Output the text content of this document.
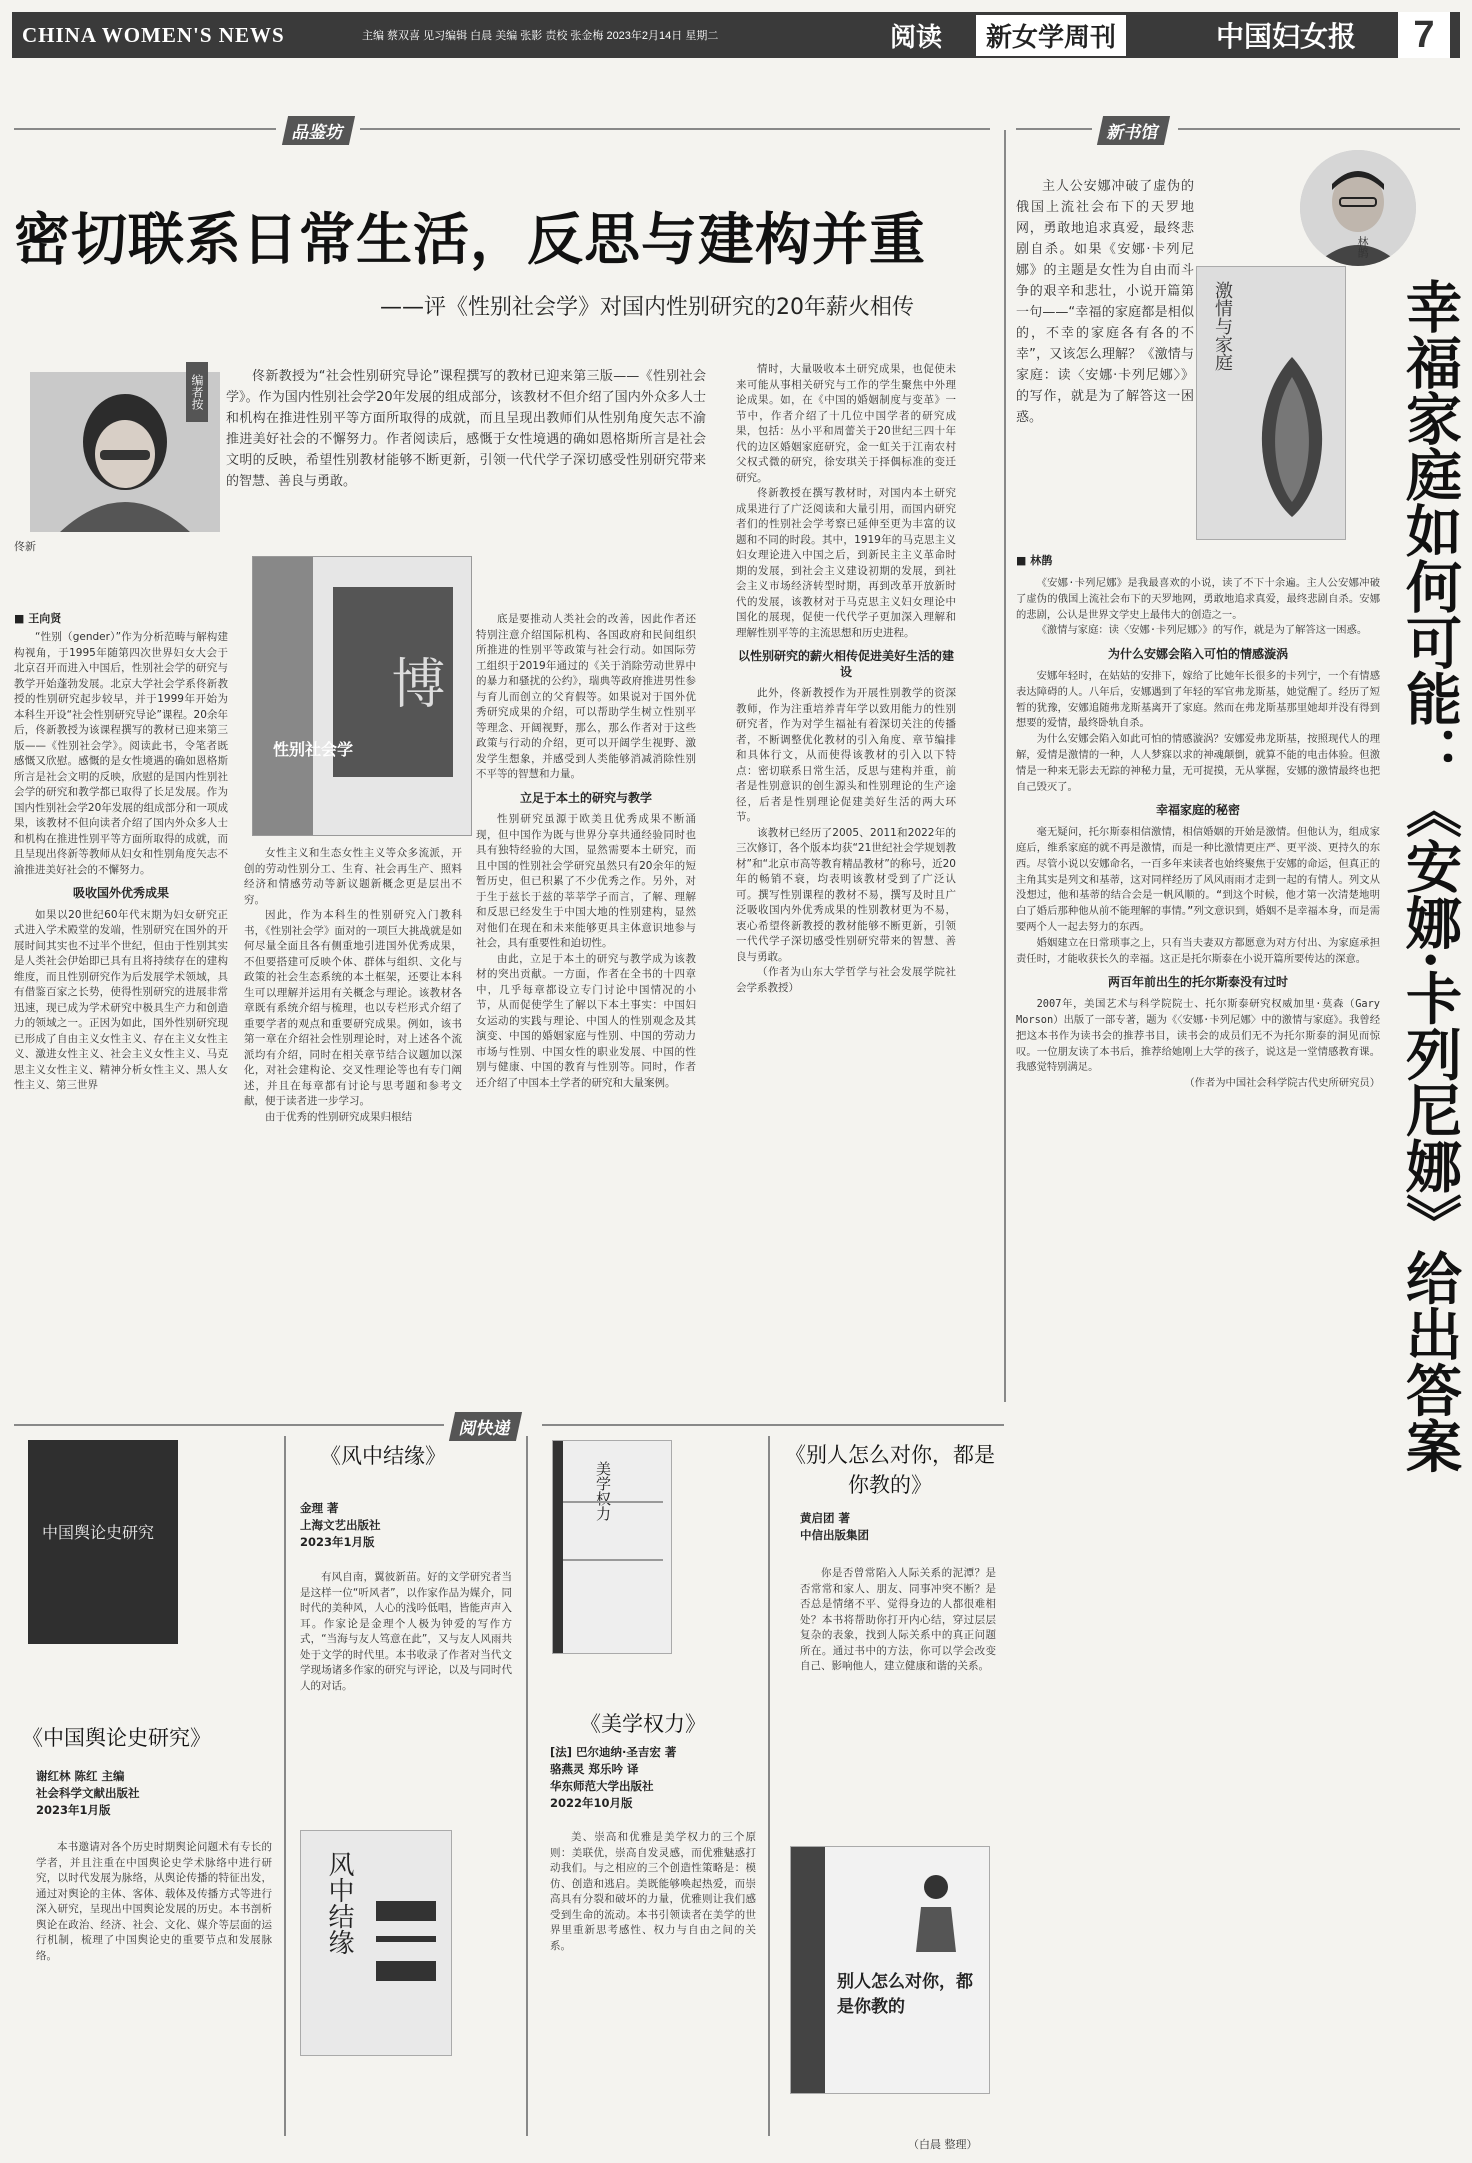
CHINA WOMEN'S NEWS	主编 蔡双喜 见习编辑 白晨 美编 张影 责校 张金梅 2023年2月14日 星期二	阅读	新女学周刊	中国妇女报	7
品鉴坊	新书馆
密切联系日常生活，反思与建构并重
——评《性别社会学》对国内性别研究的20年薪火相传
佟新
编者按	佟新教授为“社会性别研究导论”课程撰写的教材已迎来第三版——《性别社会学》。作为国内性别社会学20年发展的组成部分，该教材不但介绍了国内外众多人士和机构在推进性别平等方面所取得的成就，而且呈现出教师们从性别角度矢志不渝推进美好社会的不懈努力。作者阅读后，感慨于女性境遇的确如恩格斯所言是社会文明的反映，希望性别教材能够不断更新，引领一代代学子深切感受性别研究带来的智慧、善良与勇敢。
博
性别社会学
■ 王向贤

“性别（gender）”作为分析范畴与解构建构视角，于1995年随第四次世界妇女大会于北京召开而进入中国后，性别社会学的研究与教学开始蓬勃发展。北京大学社会学系佟新教授的性别研究起步较早，并于1999年开始为本科生开设“社会性别研究导论”课程。20余年后，佟新教授为该课程撰写的教材已迎来第三版——《性别社会学》。阅读此书，令笔者既感慨又欣慰。感慨的是女性境遇的确如恩格斯所言是社会文明的反映，欣慰的是国内性别社会学的研究和教学都已取得了长足发展。作为国内性别社会学20年发展的组成部分和一项成果，该教材不但向读者介绍了国内外众多人士和机构在推进性别平等方面所取得的成就，而且呈现出佟新等教师从妇女和性别角度矢志不渝推进美好社会的不懈努力。

吸收国外优秀成果

如果以20世纪60年代末期为妇女研究正式进入学术殿堂的发端，性别研究在国外的开展时间其实也不过半个世纪，但由于性别其实是人类社会伊始即已具有且将持续存在的建构维度，而且性别研究作为后发展学术领域，具有借鉴百家之长势，使得性别研究的进展非常迅速，现已成为学术研究中极具生产力和创造力的领域之一。正因为如此，国外性别研究现已形成了自由主义女性主义、存在主义女性主义、激进女性主义、社会主义女性主义、马克思主义女性主义、精神分析女性主义、黑人女性主义、第三世界

女性主义和生态女性主义等众多流派，开创的劳动性别分工、生育、社会再生产、照料经济和情感劳动等新议题新概念更是层出不穷。

因此，作为本科生的性别研究入门教科书，《性别社会学》面对的一项巨大挑战就是如何尽量全面且各有侧重地引进国外优秀成果，不但要搭建可反映个体、群体与组织、文化与政策的社会生态系统的本土框架，还要让本科生可以理解并运用有关概念与理论。该教材各章既有系统介绍与梳理，也以专栏形式介绍了重要学者的观点和重要研究成果。例如，该书第一章在介绍社会性别理论时，对上述各个流派均有介绍，同时在相关章节结合议题加以深化，对社会建构论、交叉性理论等也有专门阐述，并且在每章都有讨论与思考题和参考文献，便于读者进一步学习。

由于优秀的性别研究成果归根结

底是要推动人类社会的改善，因此作者还特别注意介绍国际机构、各国政府和民间组织所推进的性别平等政策与社会行动。如国际劳工组织于2019年通过的《关于消除劳动世界中的暴力和骚扰的公约》，瑞典等政府推进男性参与育儿而创立的父育假等。如果说对于国外优秀研究成果的介绍，可以帮助学生树立性别平等理念、开阔视野，那么，那么作者对于这些政策与行动的介绍，更可以开阔学生视野、激发学生想象，并感受到人类能够消减消除性别不平等的智慧和力量。

立足于本土的研究与教学

性别研究虽源于欧美且优秀成果不断涌现，但中国作为既与世界分享共通经验同时也具有独特经验的大国，显然需要本土研究，而且中国的性别社会学研究虽然只有20余年的短暂历史，但已积累了不少优秀之作。另外，对于生于兹长于兹的莘莘学子而言，了解、理解和反思已经发生于中国大地的性别建构，显然对他们在现在和未来能够更具主体意识地参与社会，具有重要性和迫切性。

由此，立足于本土的研究与教学成为该教材的突出贡献。一方面，作者在全书的十四章中，几乎每章都设立专门讨论中国情况的小节，从而促使学生了解以下本土事实：中国妇女运动的实践与理论、中国人的性别观念及其演变、中国的婚姻家庭与性别、中国的劳动力市场与性别、中国女性的职业发展、中国的性别与健康、中国的教育与性别等。同时，作者还介绍了中国本土学者的研究和大量案例。

情时，大量吸收本土研究成果，也促使未来可能从事相关研究与工作的学生聚焦中外理论成果。如，在《中国的婚姻制度与变革》一节中，作者介绍了十几位中国学者的研究成果，包括：丛小平和周蕾关于20世纪三四十年代的边区婚姻家庭研究，金一虹关于江南农村父权式微的研究，徐安琪关于择偶标准的变迁研究。

佟新教授在撰写教材时，对国内本土研究成果进行了广泛阅读和大量引用，而国内研究者们的性别社会学考察已延伸至更为丰富的议题和不同的时段。其中，1919年的马克思主义妇女理论进入中国之后，到新民主主义革命时期的发展，到社会主义建设初期的发展，到社会主义市场经济转型时期，再到改革开放新时代的发展，该教材对于马克思主义妇女理论中国化的展现，促使一代代学子更加深入理解和理解性别平等的主流思想和历史进程。

以性别研究的薪火相传促进美好生活的建设

此外，佟新教授作为开展性别教学的资深教师，作为注重培养青年学以致用能力的性别研究者，作为对学生福祉有着深切关注的传播者，不断调整优化教材的引入角度、章节编排和具体行文，从而使得该教材的引入以下特点：密切联系日常生活，反思与建构并重，前者是性别意识的创生源头和性别理论的生产途径，后者是性别理论促建美好生活的两大环节。

该教材已经历了2005、2011和2022年的三次修订，各个版本均获“21世纪社会学规划教材”和“北京市高等教育精品教材”的称号，近20年的畅销不衰，均表明该教材受到了广泛认可。撰写性别课程的教材不易，撰写及时且广泛吸收国内外优秀成果的性别教材更为不易，衷心希望佟新教授的教材能够不断更新，引领一代代学子深切感受性别研究带来的智慧、善良与勇敢。

（作者为山东大学哲学与社会发展学院社会学系教授）

主人公安娜冲破了虚伪的俄国上流社会布下的天罗地网，勇敢地追求真爱，最终悲剧自杀。如果《安娜·卡列尼娜》的主题是女性为自由而斗争的艰辛和悲壮，小说开篇第一句——“幸福的家庭都是相似的，不幸的家庭各有各的不幸”，又该怎么理解？《激情与家庭：读〈安娜·卡列尼娜〉》的写作，就是为了解答这一困惑。

激情与家庭
林鹊
幸福家庭如何可能：《安娜·卡列尼娜》给出答案
■ 林鹊

《安娜·卡列尼娜》是我最喜欢的小说，读了不下十余遍。主人公安娜冲破了虚伪的俄国上流社会布下的天罗地网，勇敢地追求真爱，最终悲剧自杀。安娜的悲剧，公认是世界文学史上最伟大的创造之一。

《激情与家庭：读〈安娜·卡列尼娜〉》的写作，就是为了解答这一困惑。

为什么安娜会陷入可怕的情感漩涡

安娜年轻时，在姑姑的安排下，嫁给了比她年长很多的卡列宁，一个有情感表达障碍的人。八年后，安娜遇到了年轻的军官弗龙斯基，她觉醒了。经历了短暂的犹豫，安娜追随弗龙斯基离开了家庭。然而在弗龙斯基那里她却并没有得到想要的爱情，最终卧轨自杀。

为什么安娜会陷入如此可怕的情感漩涡？安娜爱弗龙斯基，按照现代人的理解，爱情是激情的一种，人人梦寐以求的神魂颠倒，就算不能的电击体验。但激情是一种来无影去无踪的神秘力量，无可捉摸，无从掌握，安娜的激情最终也把自己毁灭了。

幸福家庭的秘密

毫无疑问，托尔斯泰相信激情，相信婚姻的开始是激情。但他认为，组成家庭后，维系家庭的就不再是激情，而是一种比激情更庄严、更平淡、更持久的东西。尽管小说以安娜命名，一百多年来读者也始终聚焦于安娜的命运，但真正的主角其实是列文和基蒂，这对同样经历了风风雨雨才走到一起的有情人。列文从没想过，他和基蒂的结合会是一帆风顺的。“到这个时候，他才第一次清楚地明白了婚后那种他从前不能理解的事情。”列文意识到，婚姻不是幸福本身，而是需要两个人一起去努力的东西。

婚姻建立在日常琐事之上，只有当夫妻双方都愿意为对方付出、为家庭承担责任时，才能收获长久的幸福。这正是托尔斯泰在小说开篇所要传达的深意。

两百年前出生的托尔斯泰没有过时

2007年，美国艺术与科学院院士、托尔斯泰研究权威加里·莫森（Gary Morson）出版了一部专著，题为《〈安娜·卡列尼娜〉中的激情与家庭》。我曾经把这本书作为读书会的推荐书目，读书会的成员们无不为托尔斯泰的洞见而惊叹。一位朋友读了本书后，推荐给她刚上大学的孩子，说这是一堂情感教育课。我感觉特别满足。

（作者为中国社会科学院古代史所研究员）

阅快递
中国舆论史研究
《中国舆论史研究》
谢红林 陈红 主编
社会科学文献出版社
2023年1月版
本书邀请对各个历史时期舆论问题术有专长的学者，并且注重在中国舆论史学术脉络中进行研究，以时代发展为脉络，从舆论传播的特征出发，通过对舆论的主体、客体、载体及传播方式等进行深入研究，呈现出中国舆论发展的历史。本书剖析舆论在政治、经济、社会、文化、媒介等层面的运行机制，梳理了中国舆论史的重要节点和发展脉络。
《风中结缘》
金理 著
上海文艺出版社
2023年1月版
有风自南，翼彼新苗。好的文学研究者当是这样一位“听风者”，以作家作品为媒介，同时代的美种风，人心的浅吟低唱，皆能声声入耳。作家论是金理个人极为钟爱的写作方式，“当海与友人笃意在此”，又与友人风雨共处于文学的时代里。本书收录了作者对当代文学现场诸多作家的研究与评论，以及与同时代人的对话。
风中结缘
美学权力
《美学权力》
[法] 巴尔迪纳·圣吉宏 著
骆燕灵 郑乐吟 译
华东师范大学出版社
2022年10月版
美、崇高和优雅是美学权力的三个原则：美联优，崇高自发灵感，而优雅魅惑打动我们。与之相应的三个创造性策略是：模仿、创造和逃启。美既能够唤起热爱，而崇高具有分裂和破坏的力量，优雅则让我们感受到生命的流动。本书引领读者在美学的世界里重新思考感性、权力与自由之间的关系。
《别人怎么对你，都是你教的》
黄启团 著
中信出版集团
你是否曾常陷入人际关系的泥潭？是否常常和家人、朋友、同事冲突不断？是否总是情绪不平、觉得身边的人都很难相处？本书将帮助你打开内心结，穿过层层复杂的表象，找到人际关系中的真正问题所在。通过书中的方法，你可以学会改变自己、影响他人，建立健康和谐的关系。
别人怎么对你，都是你教的
（白晨 整理）
